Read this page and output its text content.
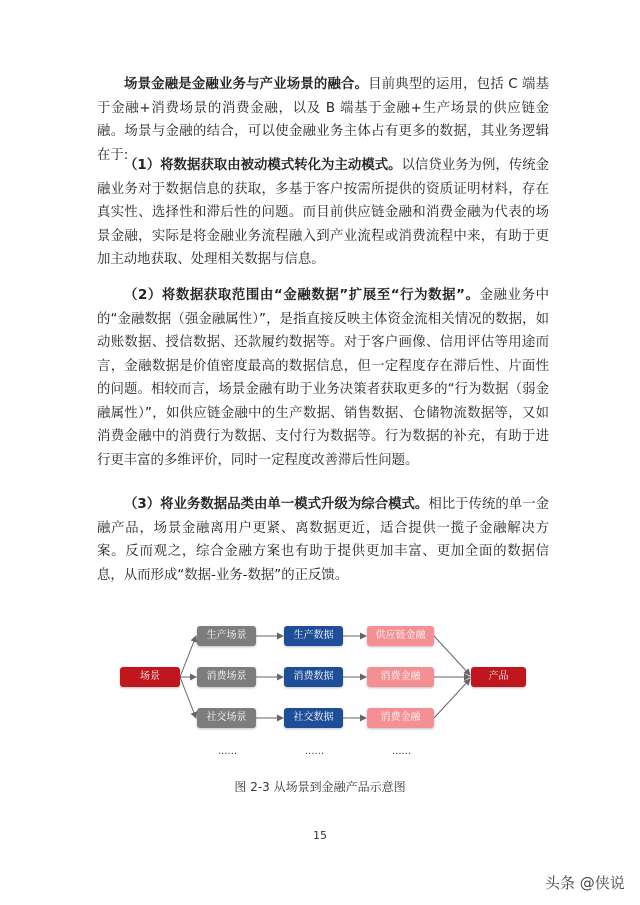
场景金融是金融业务与产业场景的融合。目前典型的运用，包括 C 端基于金融+消费场景的消费金融，以及 B 端基于金融+生产场景的供应链金融。场景与金融的结合，可以使金融业务主体占有更多的数据，其业务逻辑在于:

（1）将数据获取由被动模式转化为主动模式。以信贷业务为例，传统金融业务对于数据信息的获取，多基于客户按需所提供的资质证明材料，存在真实性、选择性和滞后性的问题。而目前供应链金融和消费金融为代表的场景金融，实际是将金融业务流程融入到产业流程或消费流程中来，有助于更加主动地获取、处理相关数据与信息。

（2）将数据获取范围由“金融数据”扩展至“行为数据”。金融业务中的“金融数据（强金融属性）”，是指直接反映主体资金流相关情况的数据，如动账数据、授信数据、还款履约数据等。对于客户画像、信用评估等用途而言，金融数据是价值密度最高的数据信息，但一定程度存在滞后性、片面性的问题。相较而言，场景金融有助于业务决策者获取更多的“行为数据（弱金融属性）”，如供应链金融中的生产数据、销售数据、仓储物流数据等，又如消费金融中的消费行为数据、支付行为数据等。行为数据的补充，有助于进行更丰富的多维评价，同时一定程度改善滞后性问题。

（3）将业务数据品类由单一模式升级为综合模式。相比于传统的单一金融产品，场景金融离用户更紧、离数据更近，适合提供一揽子金融解决方案。反而观之，综合金融方案也有助于提供更加丰富、更加全面的数据信息，从而形成“数据-业务-数据”的正反馈。

场景
生产场景
消费场景
社交场景
生产数据
消费数据
社交数据
供应链金融
消费金融
消费金融
产品
......	......	......
图 2-3 从场景到金融产品示意图
15
头条 @侠说
